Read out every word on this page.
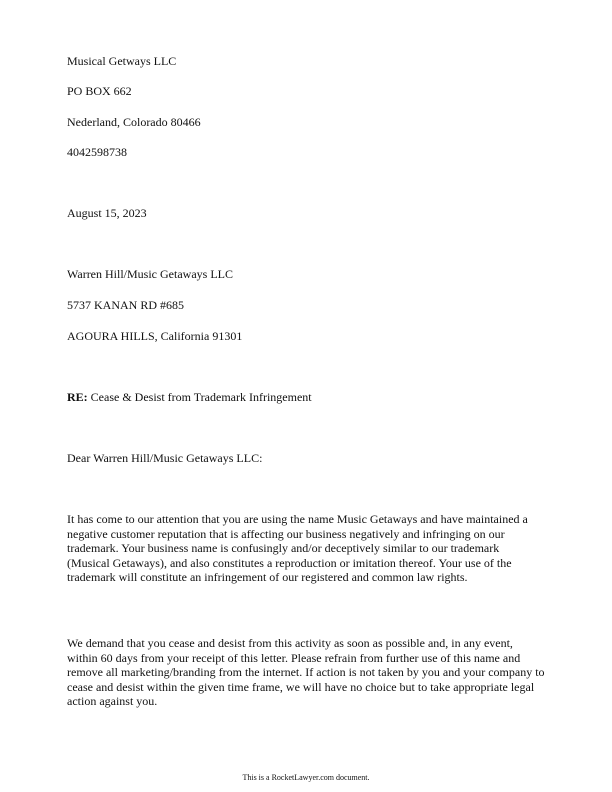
Musical Getways LLC
PO BOX 662
Nederland, Colorado 80466
4042598738
August 15, 2023
Warren Hill/Music Getaways LLC
5737 KANAN RD #685
AGOURA HILLS, California 91301
RE: Cease & Desist from Trademark Infringement
Dear Warren Hill/Music Getaways LLC:
It has come to our attention that you are using the name Music Getaways and have maintained a
negative customer reputation that is affecting our business negatively and infringing on our
trademark. Your business name is confusingly and/or deceptively similar to our trademark
(Musical Getaways), and also constitutes a reproduction or imitation thereof. Your use of the
trademark will constitute an infringement of our registered and common law rights.
We demand that you cease and desist from this activity as soon as possible and, in any event,
within 60 days from your receipt of this letter. Please refrain from further use of this name and
remove all marketing/branding from the internet. If action is not taken by you and your company to
cease and desist within the given time frame, we will have no choice but to take appropriate legal
action against you.
This is a RocketLawyer.com document.
